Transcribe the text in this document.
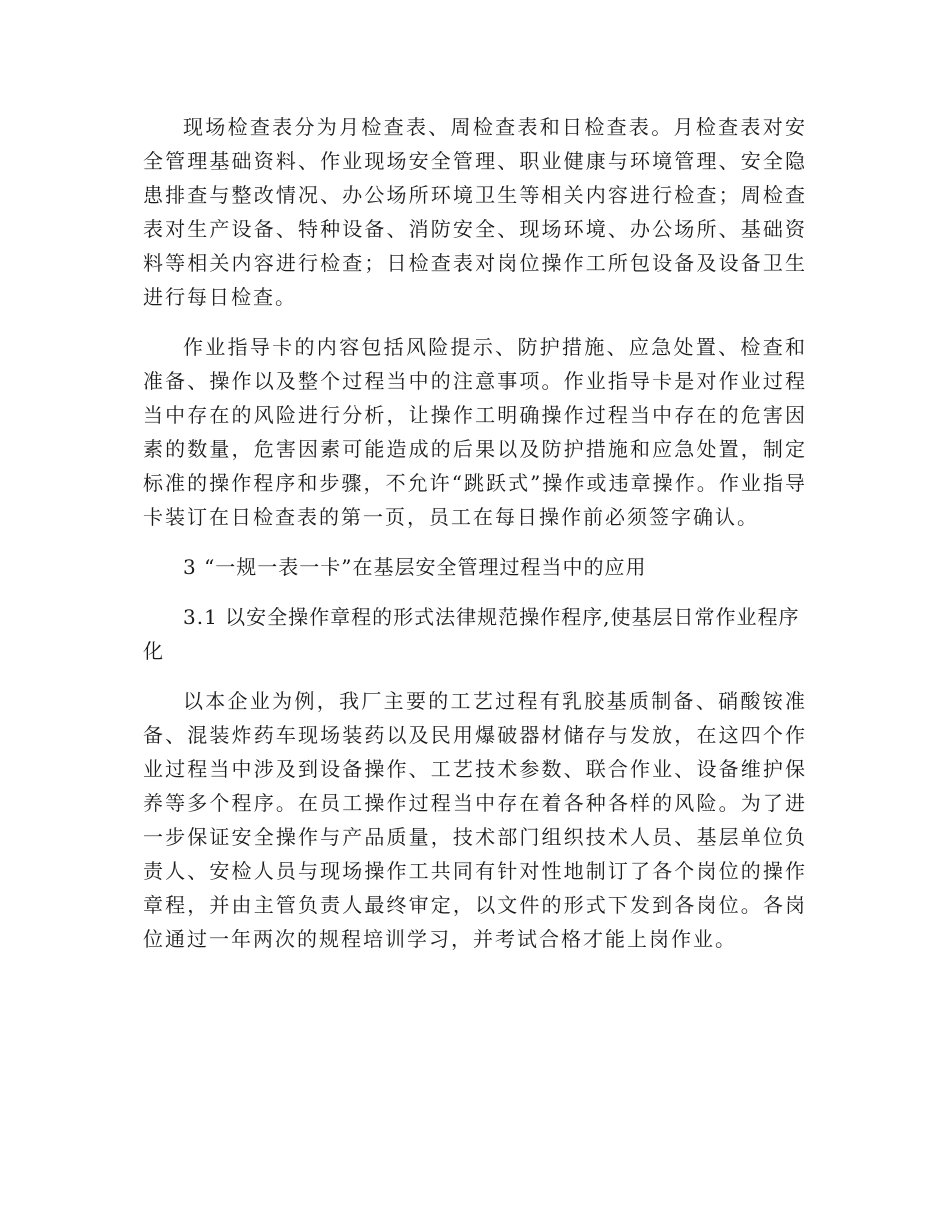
现场检查表分为月检查表、周检查表和日检查表。月检查表对安全管理基础资料、作业现场安全管理、职业健康与环境管理、安全隐患排查与整改情况、办公场所环境卫生等相关内容进行检查；周检查表对生产设备、特种设备、消防安全、现场环境、办公场所、基础资料等相关内容进行检查；日检查表对岗位操作工所包设备及设备卫生进行每日检查。

作业指导卡的内容包括风险提示、防护措施、应急处置、检查和准备、操作以及整个过程当中的注意事项。作业指导卡是对作业过程当中存在的风险进行分析，让操作工明确操作过程当中存在的危害因素的数量，危害因素可能造成的后果以及防护措施和应急处置，制定标准的操作程序和步骤，不允许“跳跃式”操作或违章操作。作业指导卡装订在日检查表的第一页，员工在每日操作前必须签字确认。

3 “一规一表一卡”在基层安全管理过程当中的应用

3.1 以安全操作章程的形式法律规范操作程序,使基层日常作业程序化

以本企业为例，我厂主要的工艺过程有乳胶基质制备、硝酸铵准备、混装炸药车现场装药以及民用爆破器材储存与发放，在这四个作业过程当中涉及到设备操作、工艺技术参数、联合作业、设备维护保养等多个程序。在员工操作过程当中存在着各种各样的风险。为了进一步保证安全操作与产品质量，技术部门组织技术人员、基层单位负责人、安检人员与现场操作工共同有针对性地制订了各个岗位的操作章程，并由主管负责人最终审定，以文件的形式下发到各岗位。各岗位通过一年两次的规程培训学习，并考试合格才能上岗作业。
